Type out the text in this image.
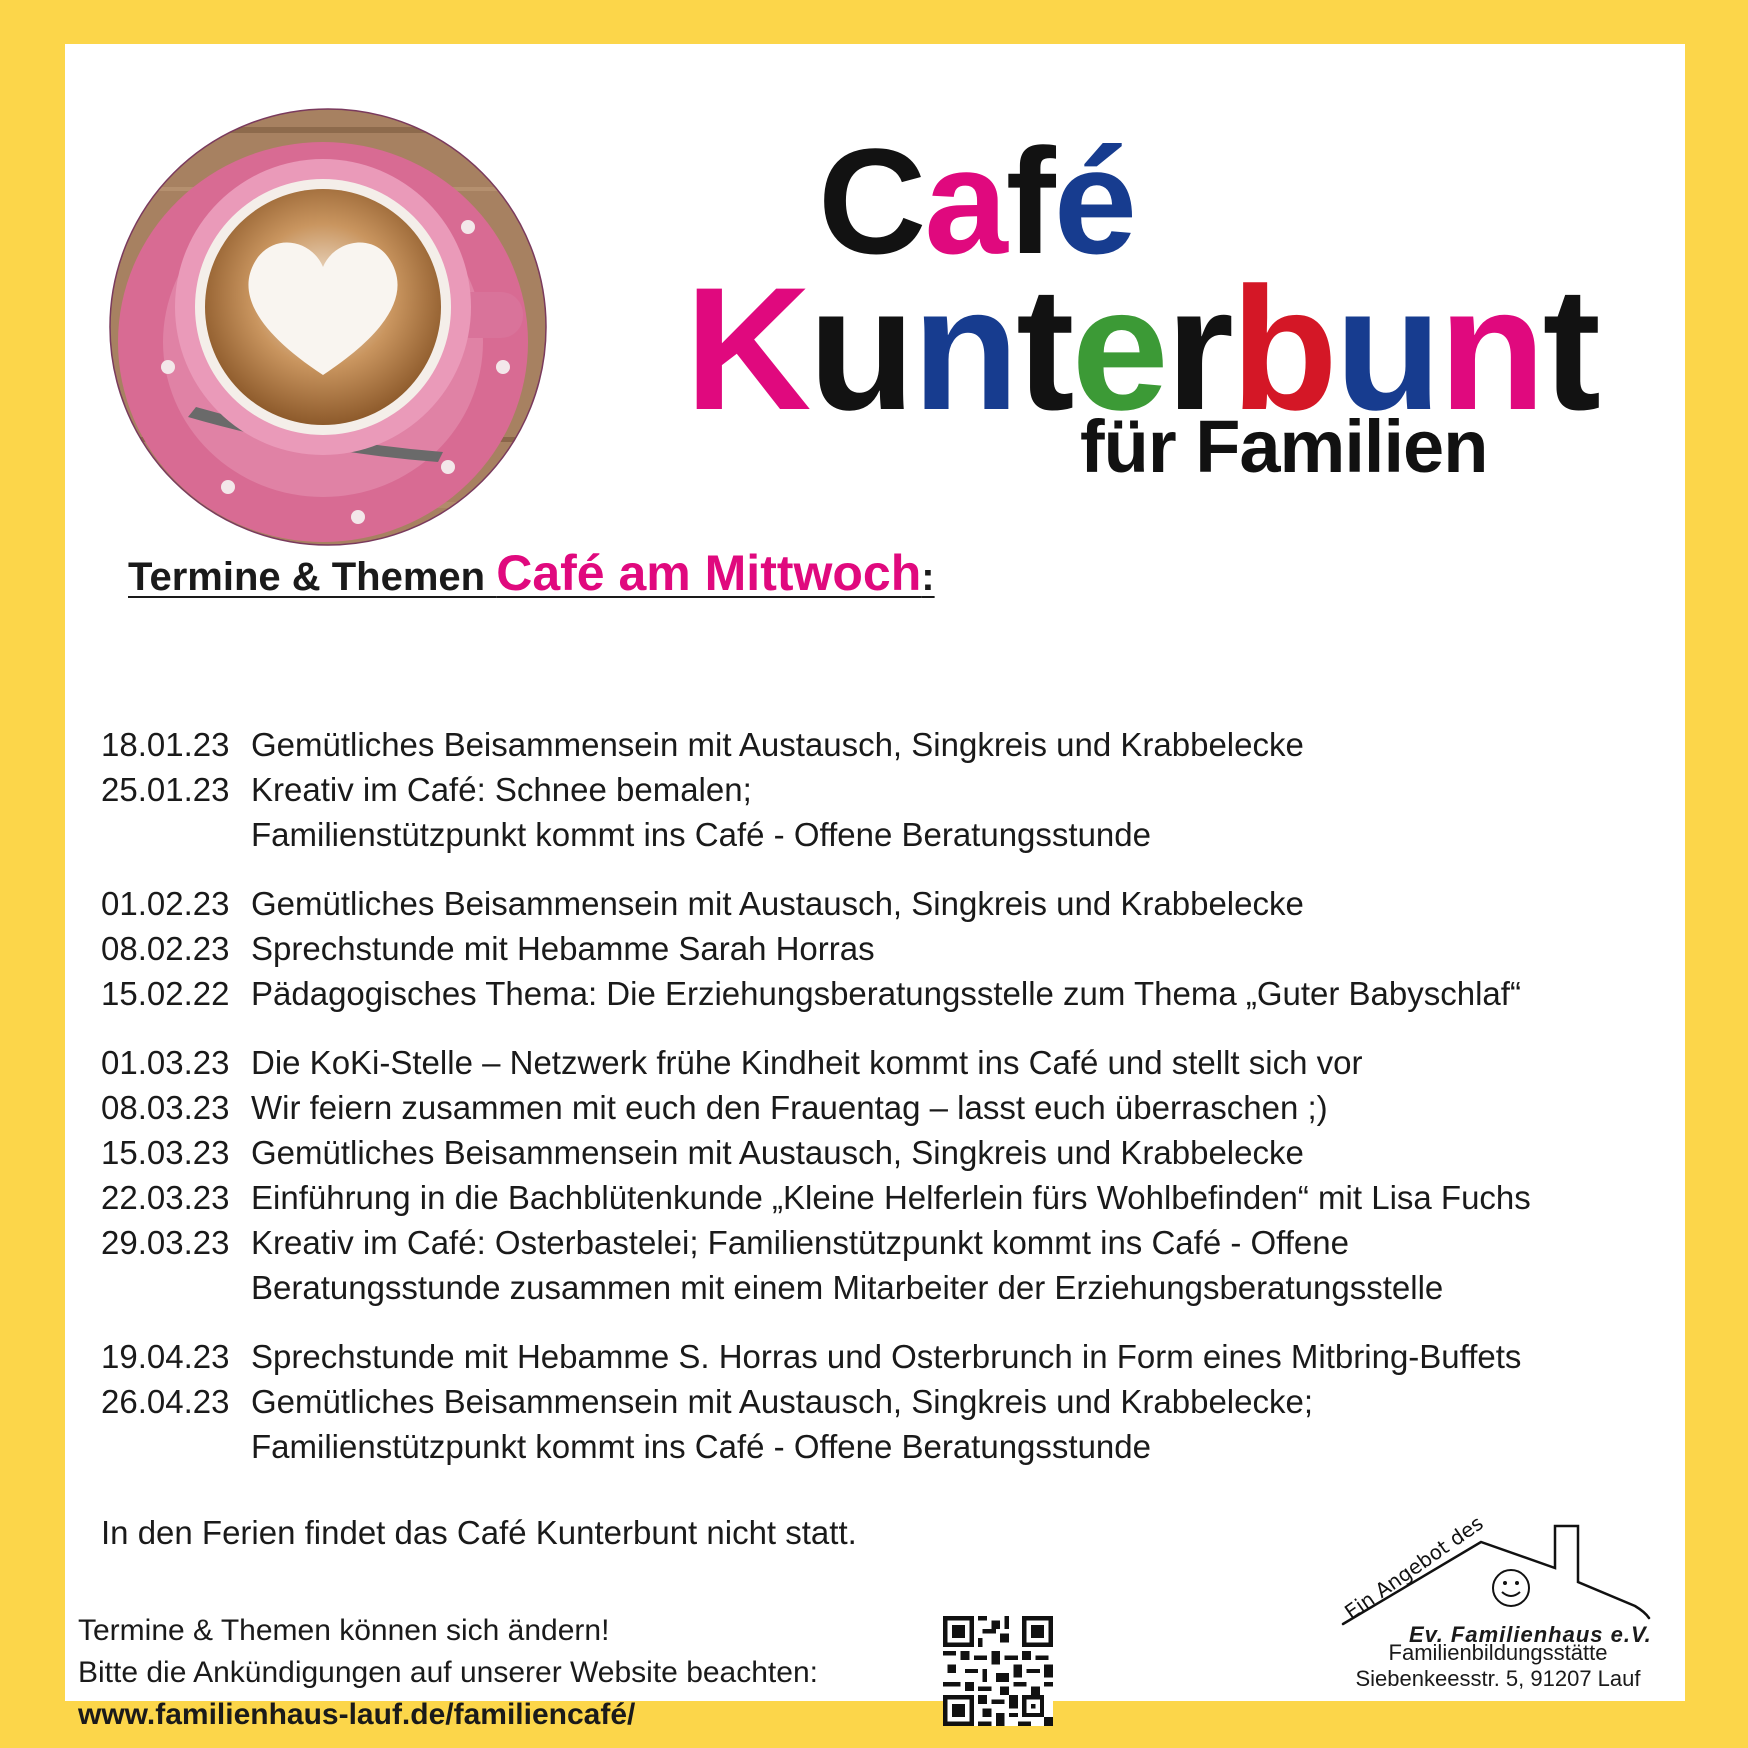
Café
Kunterbunt
für Familien
Termine & Themen Café am Mittwoch:
18.01.23 Gemütliches Beisammensein mit Austausch, Singkreis und Krabbelecke
25.01.23 Kreativ im Café: Schnee bemalen;
Familienstützpunkt kommt ins Café - Offene Beratungsstunde
01.02.23 Gemütliches Beisammensein mit Austausch, Singkreis und Krabbelecke
08.02.23 Sprechstunde mit Hebamme Sarah Horras
15.02.22 Pädagogisches Thema: Die Erziehungsberatungsstelle zum Thema „Guter Babyschlaf“
01.03.23 Die KoKi-Stelle – Netzwerk frühe Kindheit kommt ins Café und stellt sich vor
08.03.23 Wir feiern zusammen mit euch den Frauentag – lasst euch überraschen ;)
15.03.23 Gemütliches Beisammensein mit Austausch, Singkreis und Krabbelecke
22.03.23 Einführung in die Bachblütenkunde „Kleine Helferlein fürs Wohlbefinden“ mit Lisa Fuchs
29.03.23 Kreativ im Café: Osterbastelei; Familienstützpunkt kommt ins Café - Offene
Beratungsstunde zusammen mit einem Mitarbeiter der Erziehungsberatungsstelle
19.04.23 Sprechstunde mit Hebamme S. Horras und Osterbrunch in Form eines Mitbring-Buffets
26.04.23 Gemütliches Beisammensein mit Austausch, Singkreis und Krabbelecke;
Familienstützpunkt kommt ins Café - Offene Beratungsstunde
In den Ferien findet das Café Kunterbunt nicht statt.
Termine & Themen können sich ändern!
Bitte die Ankündigungen auf unserer Website beachten:
www.familienhaus-lauf.de/familiencafé/
Ein Angebot des
Ev. Familienhaus e.V.
Familienbildungsstätte
Siebenkeesstr. 5, 91207 Lauf
